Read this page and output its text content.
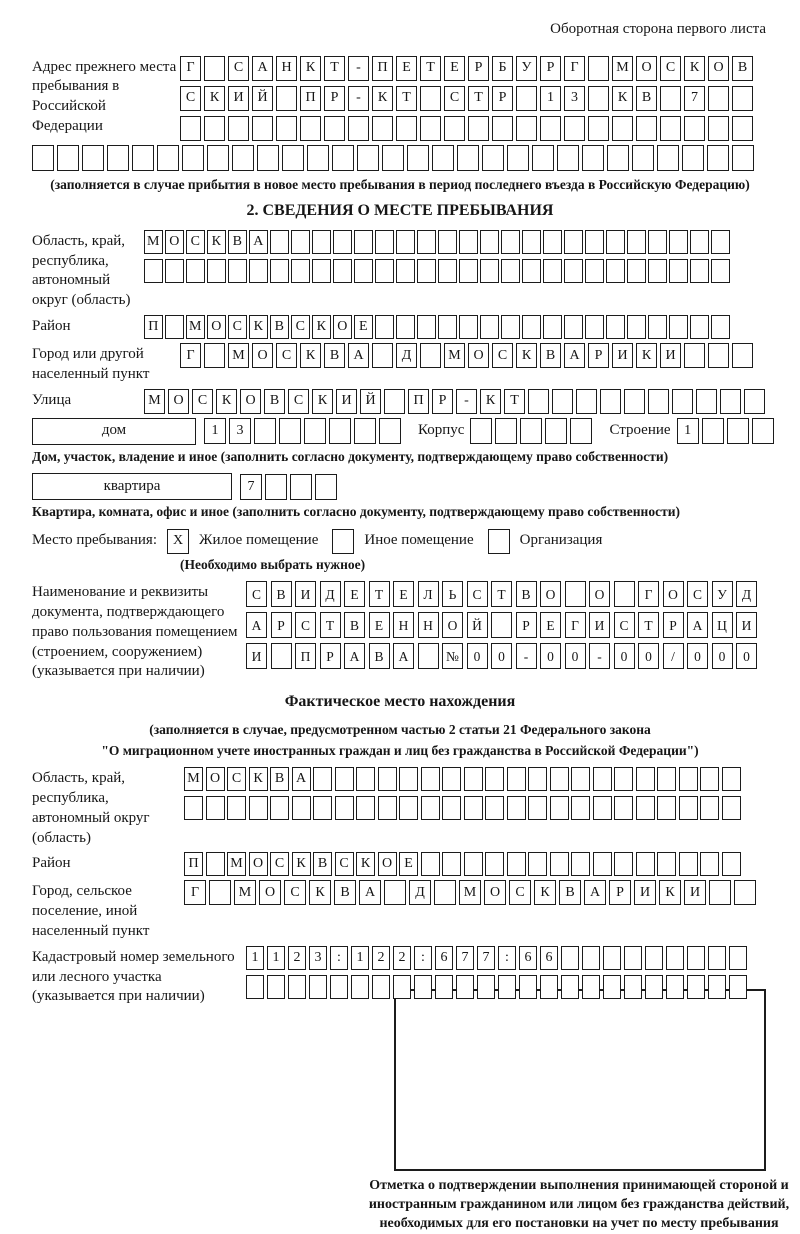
Оборотная сторона первого листа
Адрес прежнего места пребывания в Российской Федерации
Г	С	А Н	К	Т	-	П	Е	Т	Е	Р	Б	У	Р	Г	М О	С	К	О	В
С	К	И Й	П	Р	-	К	Т	С	Т	Р	1	3	К	В	7
(заполняется в случае прибытия в новое место пребывания в период последнего въезда в Российскую Федерацию)
2. СВЕДЕНИЯ О МЕСТЕ ПРЕБЫВАНИЯ
Область, край, республика, автономный округ (область)
М О С К В А
Район	П М О С К В С К О Е
Город или другой населенный пункт
Г	М О	С	К	В	А	Д	М О	С	К	В	А	Р	И	К	И
Улица	М О	С	К	О	В	С	К	И Й	П	Р	-	К	Т
дом	1	3	Корпус	Строение 1
Дом, участок, владение и иное (заполнить согласно документу, подтверждающему право собственности)
квартира	7
Квартира, комната, офис и иное (заполнить согласно документу, подтверждающему право собственности)
Место пребывания:	X	Жилое помещение	Иное помещение	Организация
(Необходимо выбрать нужное)
Наименование и реквизиты документа, подтверждающего право пользования помещением (строением, сооружением) (указывается при наличии)
С	В	И	Д	Е	Т	Е	Л	Ь	С	Т	В	О	О	Г	О	С	У	Д
А	Р	С	Т	В	Е	Н	Н	О	Й	Р	Е	Г	И	С	Т	Р	А	Ц	И
И	П	Р	А	В	А	№	0	0	-	0	0	-	0	0	/	0	0	0
Фактическое место нахождения
(заполняется в случае, предусмотренном частью 2 статьи 21 Федерального закона
"О миграционном учете иностранных граждан и лиц без гражданства в Российской Федерации")
Область, край, республика, автономный округ (область)
М О С К В А
Район	П	М О С К В С К О Е
Город, сельское поселение, иной населенный пункт
Г	М О	С	К	В	А	Д	М О	С	К	В	А	Р	И	К	И
Кадастровый номер земельного или лесного участка (указывается при наличии)
1	1	2	3	:	1	2	2	:	6	7	7	:	6	6
Отметка о подтверждении выполнения принимающей стороной и иностранным гражданином или лицом без гражданства действий, необходимых для его постановки на учет по месту пребывания
